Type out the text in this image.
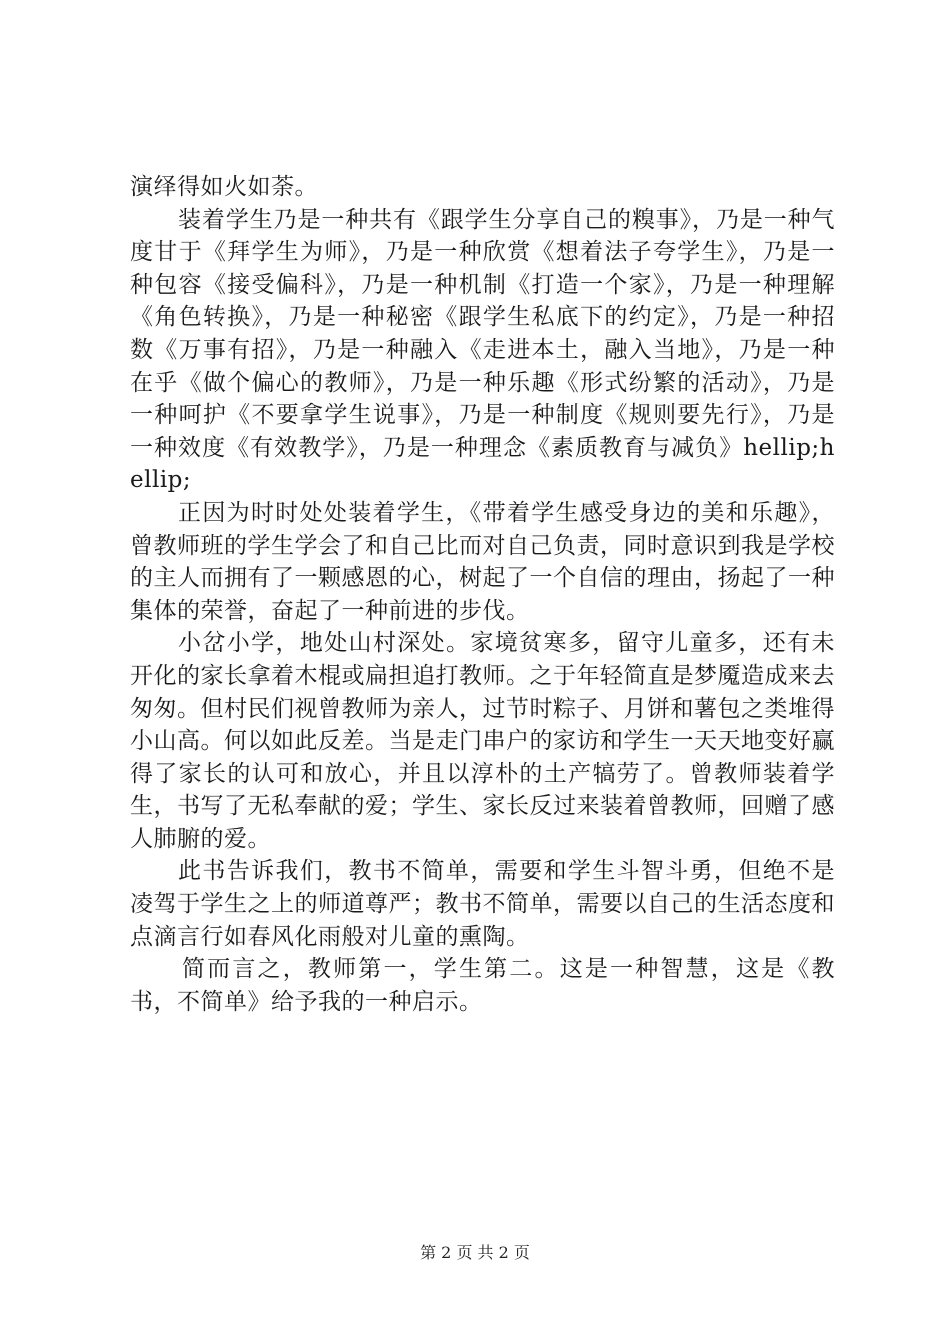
演绎得如火如荼。

装着学生乃是一种共有《跟学生分享自己的糗事》，乃是一种气度甘于《拜学生为师》，乃是一种欣赏《想着法子夸学生》，乃是一种包容《接受偏科》，乃是一种机制《打造一个家》，乃是一种理解《角色转换》，乃是一种秘密《跟学生私底下的约定》，乃是一种招数《万事有招》，乃是一种融入《走进本土，融入当地》，乃是一种在乎《做个偏心的教师》，乃是一种乐趣《形式纷繁的活动》，乃是一种呵护《不要拿学生说事》，乃是一种制度《规则要先行》，乃是一种效度《有效教学》，乃是一种理念《素质教育与减负》hellip;hellip;

正因为时时处处装着学生，《带着学生感受身边的美和乐趣》，曾教师班的学生学会了和自己比而对自己负责，同时意识到我是学校的主人而拥有了一颗感恩的心，树起了一个自信的理由，扬起了一种集体的荣誉，奋起了一种前进的步伐。

小岔小学，地处山村深处。家境贫寒多，留守儿童多，还有未开化的家长拿着木棍或扁担追打教师。之于年轻简直是梦魇造成来去匆匆。但村民们视曾教师为亲人，过节时粽子、月饼和薯包之类堆得小山高。何以如此反差。当是走门串户的家访和学生一天天地变好赢得了家长的认可和放心，并且以淳朴的土产犒劳了。曾教师装着学生，书写了无私奉献的爱；学生、家长反过来装着曾教师，回赠了感人肺腑的爱。

此书告诉我们，教书不简单，需要和学生斗智斗勇，但绝不是凌驾于学生之上的师道尊严；教书不简单，需要以自己的生活态度和点滴言行如春风化雨般对儿童的熏陶。

简而言之，教师第一，学生第二。这是一种智慧，这是《教书，不简单》给予我的一种启示。

第 2 页 共 2 页
